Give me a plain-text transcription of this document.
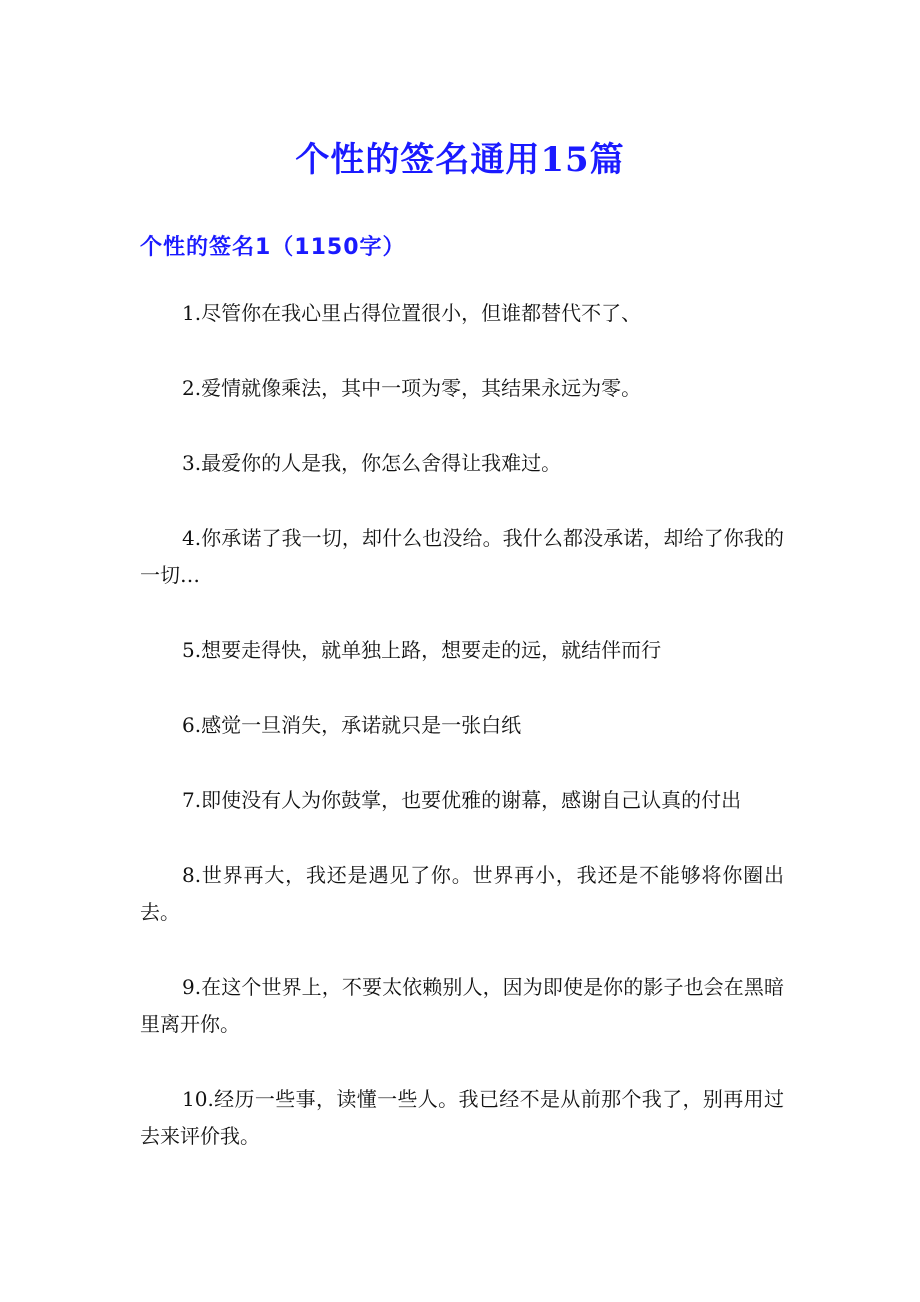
个性的签名通用15篇
个性的签名1（1150字）

1.尽管你在我心里占得位置很小，但谁都替代不了、

2.爱情就像乘法，其中一项为零，其结果永远为零。

3.最爱你的人是我，你怎么舍得让我难过。

4.你承诺了我一切，却什么也没给。我什么都没承诺，却给了你我的一切…

5.想要走得快，就单独上路，想要走的远，就结伴而行

6.感觉一旦消失，承诺就只是一张白纸

7.即使没有人为你鼓掌，也要优雅的谢幕，感谢自己认真的付出

8.世界再大，我还是遇见了你。世界再小，我还是不能够将你圈出去。

9.在这个世界上，不要太依赖别人，因为即使是你的影子也会在黑暗里离开你。

10.经历一些事，读懂一些人。我已经不是从前那个我了，别再用过去来评价我。
